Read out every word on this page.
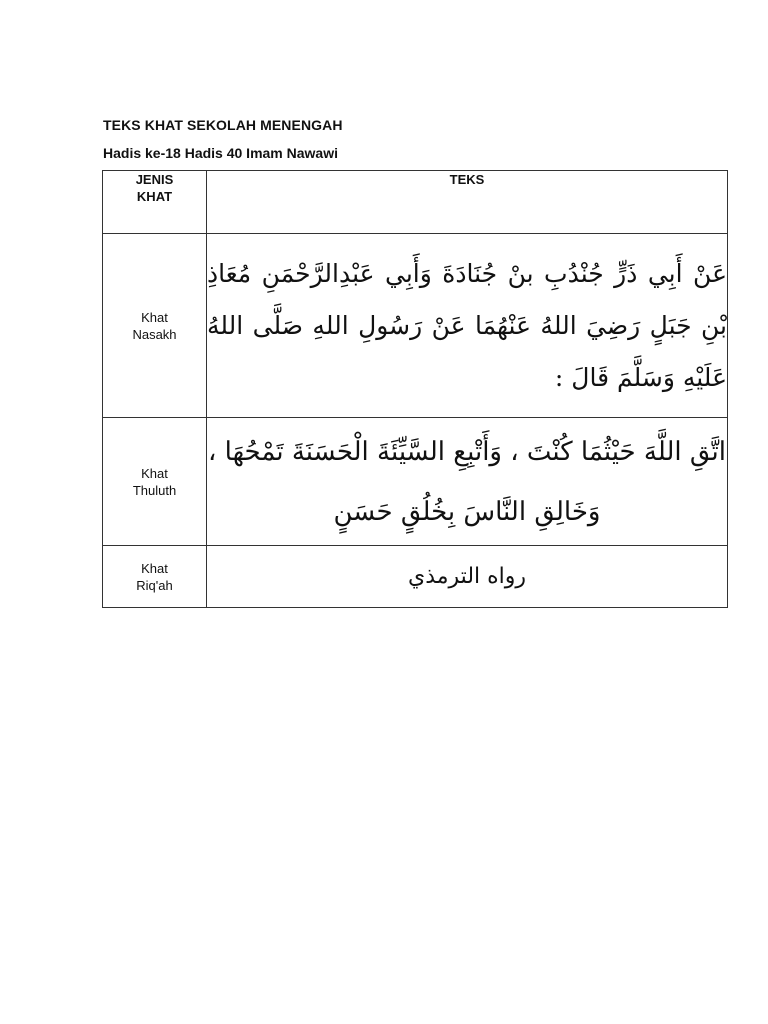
TEKS KHAT SEKOLAH MENENGAH
Hadis ke-18 Hadis 40 Imam Nawawi
JENIS
KHAT	TEKS
Khat
Nasakh	عَنْ أَبِي ذَرٍّ جُنْدُبِ بنْ جُنَادَةَ وَأَبِي عَبْدِالرَّحْمَنِ مُعَاذِ بْنِ جَبَلٍ رَضِيَ اللهُ عَنْهُمَا عَنْ رَسُولِ اللهِ صَلَّى اللهُ عَلَيْهِ وَسَلَّمَ قَالَ :

Khat
Thuluth	اتَّقِ اللَّهَ حَيْثُمَا كُنْتَ ، وَأَتْبِعِ السَّيِّئَةَ الْحَسَنَةَ تَمْحُهَا ، وَخَالِقِ النَّاسَ بِخُلُقٍ حَسَنٍ

Khat
Riq'ah	رواه الترمذي
